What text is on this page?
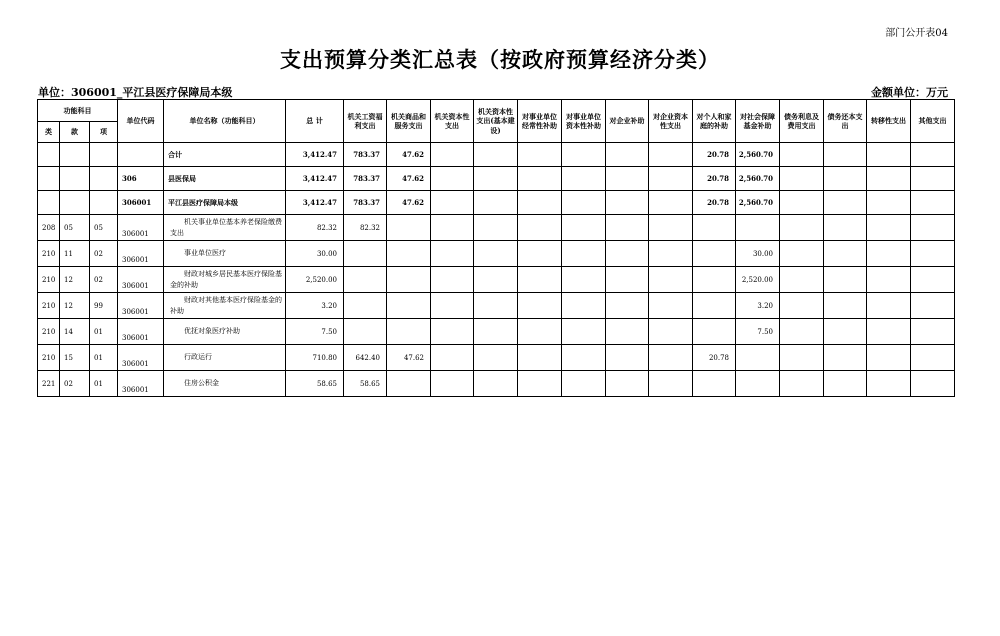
部门公开表04
支出预算分类汇总表（按政府预算经济分类）
单位：306001_平江县医疗保障局本级	金额单位：万元
功能科目			单位代码	单位名称（功能科目）	总 计	机关工资福利支出	机关商品和服务支出	机关资本性支出	机关资本性支出(基本建设)	对事业单位经常性补助	对事业单位资本性补助	对企业补助	对企业资本性支出	对个人和家庭的补助	对社会保障基金补助	债务利息及费用支出	债务还本支出	转移性支出	其他支出
类	款	项																	
				合计	3,412.47	783.37	47.62							20.78	2,560.70				
			306	县医保局	3,412.47	783.37	47.62							20.78	2,560.70				
			306001	平江县医疗保障局本级	3,412.47	783.37	47.62							20.78	2,560.70				
208	05	05	306001	机关事业单位基本养老保险缴费支出	82.32	82.32													
210	11	02	306001	事业单位医疗	30.00										30.00				
210	12	02	306001	财政对城乡居民基本医疗保险基金的补助	2,520.00										2,520.00				
210	12	99	306001	财政对其他基本医疗保险基金的补助	3.20										3.20				
210	14	01	306001	优抚对象医疗补助	7.50										7.50				
210	15	01	306001	行政运行	710.80	642.40	47.62							20.78					
221	02	01	306001	住房公积金	58.65	58.65													
